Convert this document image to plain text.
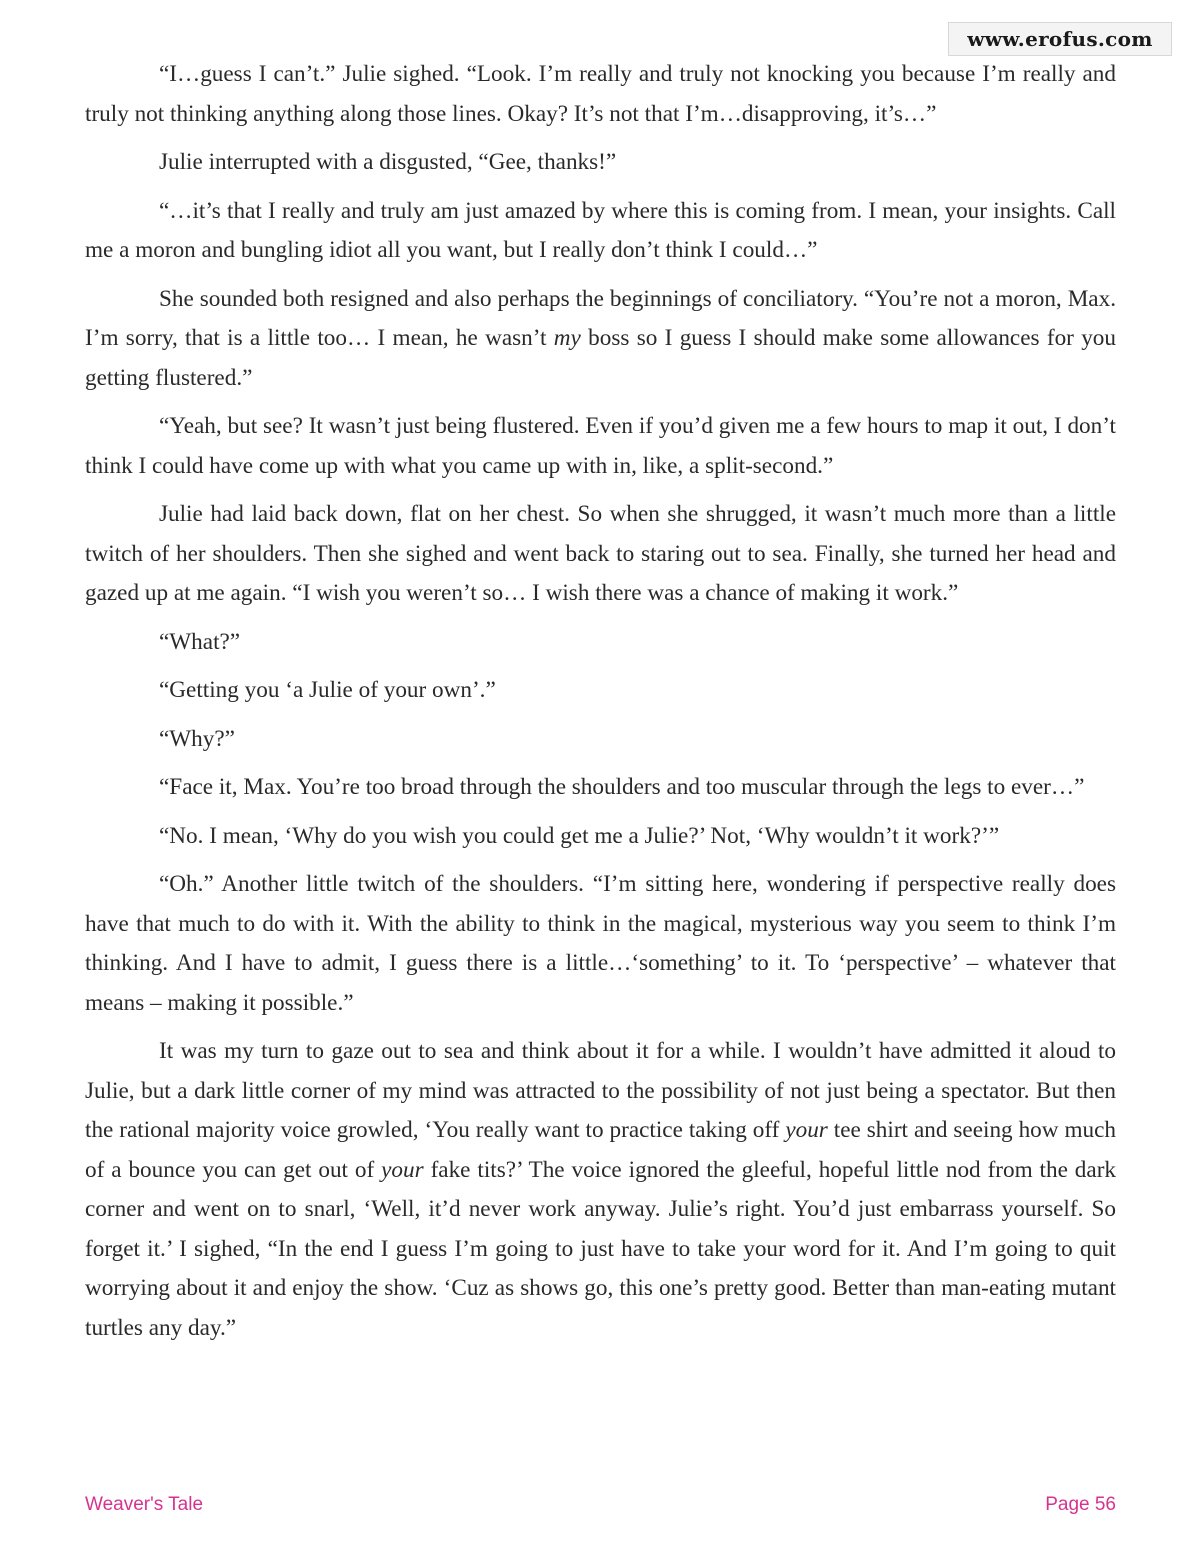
www.erofus.com

“I…guess I can’t.” Julie sighed. “Look. I’m really and truly not knocking you because I’m really and truly not thinking anything along those lines. Okay? It’s not that I’m…disapproving, it’s…”

Julie interrupted with a disgusted, “Gee, thanks!”

“…it’s that I really and truly am just amazed by where this is coming from. I mean, your insights. Call me a moron and bungling idiot all you want, but I really don’t think I could…”

She sounded both resigned and also perhaps the beginnings of conciliatory. “You’re not a moron, Max. I’m sorry, that is a little too… I mean, he wasn’t my boss so I guess I should make some allowances for you getting flustered.”

“Yeah, but see? It wasn’t just being flustered. Even if you’d given me a few hours to map it out, I don’t think I could have come up with what you came up with in, like, a split-second.”

Julie had laid back down, flat on her chest. So when she shrugged, it wasn’t much more than a little twitch of her shoulders. Then she sighed and went back to staring out to sea. Finally, she turned her head and gazed up at me again. “I wish you weren’t so… I wish there was a chance of making it work.”

“What?”

“Getting you ‘a Julie of your own’.”

“Why?”

“Face it, Max. You’re too broad through the shoulders and too muscular through the legs to ever…”

“No. I mean, ‘Why do you wish you could get me a Julie?’ Not, ‘Why wouldn’t it work?’”

“Oh.” Another little twitch of the shoulders. “I’m sitting here, wondering if perspective really does have that much to do with it. With the ability to think in the magical, mysterious way you seem to think I’m thinking. And I have to admit, I guess there is a little…‘something’ to it. To ‘perspective’ – whatever that means – making it possible.”

It was my turn to gaze out to sea and think about it for a while. I wouldn’t have admitted it aloud to Julie, but a dark little corner of my mind was attracted to the possibility of not just being a spectator. But then the rational majority voice growled, ‘You really want to practice taking off your tee shirt and seeing how much of a bounce you can get out of your fake tits?’ The voice ignored the gleeful, hopeful little nod from the dark corner and went on to snarl, ‘Well, it’d never work anyway. Julie’s right. You’d just embarrass yourself. So forget it.’ I sighed, “In the end I guess I’m going to just have to take your word for it. And I’m going to quit worrying about it and enjoy the show. ‘Cuz as shows go, this one’s pretty good. Better than man-eating mutant turtles any day.”

Weaver's Tale	Page 56
